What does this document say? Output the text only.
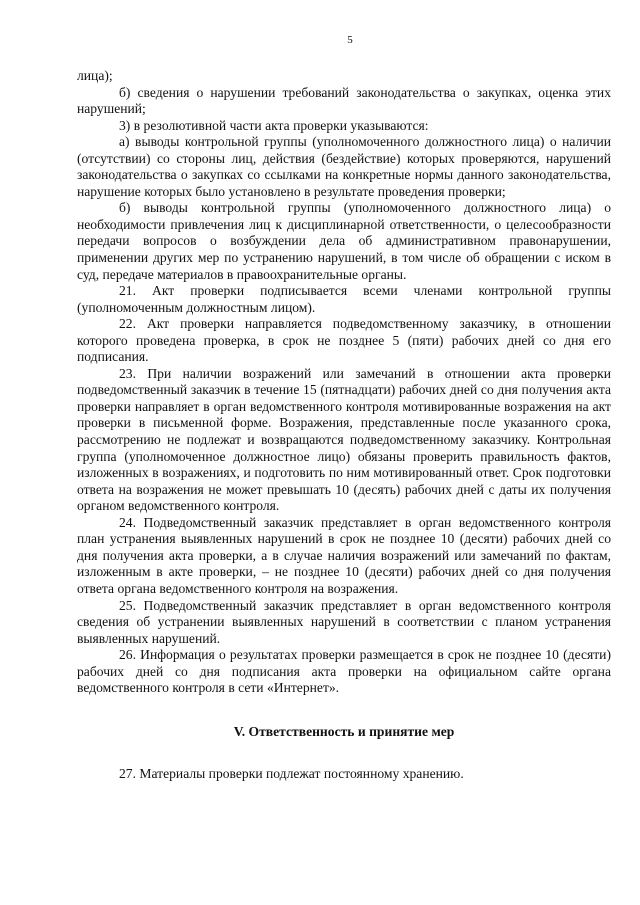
5

лица);

б) сведения о нарушении требований законодательства о закупках, оценка этих нарушений;

3) в резолютивной части акта проверки указываются:

а) выводы контрольной группы (уполномоченного должностного лица) о наличии (отсутствии) со стороны лиц, действия (бездействие) которых проверяются, нарушений законодательства о закупках со ссылками на конкретные нормы данного законодательства, нарушение которых было установлено в результате проведения проверки;

б) выводы контрольной группы (уполномоченного должностного лица) о необходимости привлечения лиц к дисциплинарной ответственности, о целесообразности передачи вопросов о возбуждении дела об административном правонарушении, применении других мер по устранению нарушений, в том числе об обращении с иском в суд, передаче материалов в правоохранительные органы.

21. Акт проверки подписывается всеми членами контрольной группы (уполномоченным должностным лицом).

22. Акт проверки направляется подведомственному заказчику, в отношении которого проведена проверка, в срок не позднее 5 (пяти) рабочих дней со дня его подписания.

23. При наличии возражений или замечаний в отношении акта проверки подведомственный заказчик в течение 15 (пятнадцати) рабочих дней со дня получения акта проверки направляет в орган ведомственного контроля мотивированные возражения на акт проверки в письменной форме. Возражения, представленные после указанного срока, рассмотрению не подлежат и возвращаются подведомственному заказчику. Контрольная группа (уполномоченное должностное лицо) обязаны проверить правильность фактов, изложенных в возражениях, и подготовить по ним мотивированный ответ. Срок подготовки ответа на возражения не может превышать 10 (десять) рабочих дней с даты их получения органом ведомственного контроля.

24. Подведомственный заказчик представляет в орган ведомственного контроля план устранения выявленных нарушений в срок не позднее 10 (десяти) рабочих дней со дня получения акта проверки, а в случае наличия возражений или замечаний по фактам, изложенным в акте проверки, – не позднее 10 (десяти) рабочих дней со дня получения ответа органа ведомственного контроля на возражения.

25. Подведомственный заказчик представляет в орган ведомственного контроля сведения об устранении выявленных нарушений в соответствии с планом устранения выявленных нарушений.

26. Информация о результатах проверки размещается в срок не позднее 10 (десяти) рабочих дней со дня подписания акта проверки на официальном сайте органа ведомственного контроля в сети «Интернет».

V. Ответственность и принятие мер

27. Материалы проверки подлежат постоянному хранению.
